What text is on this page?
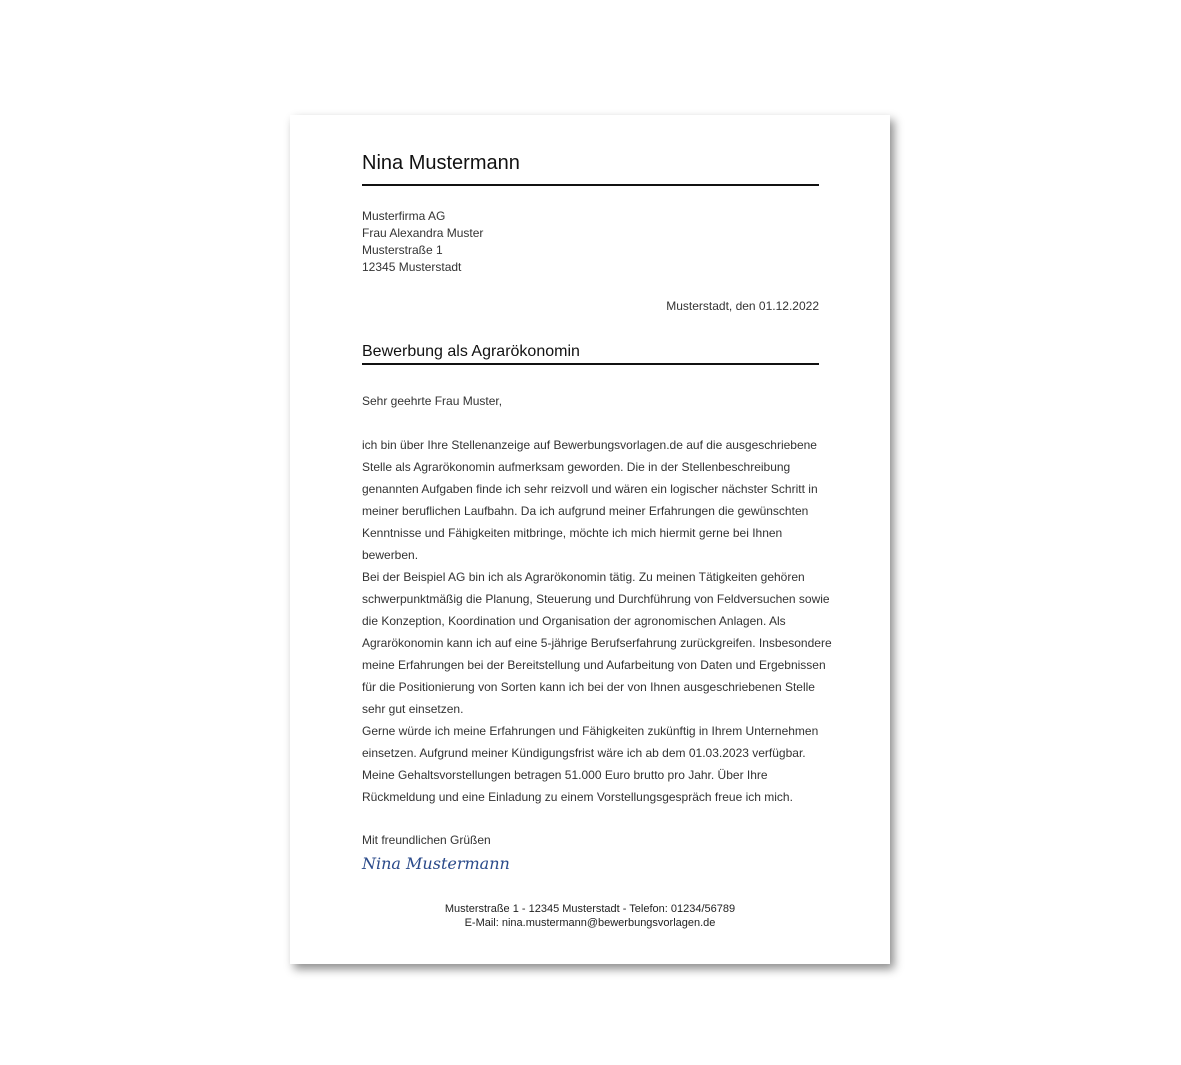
Nina Mustermann
Musterfirma AG
Frau Alexandra Muster
Musterstraße 1
12345 Musterstadt
Musterstadt, den 01.12.2022
Bewerbung als Agrarökonomin
Sehr geehrte Frau Muster,
ich bin über Ihre Stellenanzeige auf Bewerbungsvorlagen.de auf die ausgeschriebene
Stelle als Agrarökonomin aufmerksam geworden. Die in der Stellenbeschreibung
genannten Aufgaben finde ich sehr reizvoll und wären ein logischer nächster Schritt in
meiner beruflichen Laufbahn. Da ich aufgrund meiner Erfahrungen die gewünschten
Kenntnisse und Fähigkeiten mitbringe, möchte ich mich hiermit gerne bei Ihnen
bewerben.
Bei der Beispiel AG bin ich als Agrarökonomin tätig. Zu meinen Tätigkeiten gehören
schwerpunktmäßig die Planung, Steuerung und Durchführung von Feldversuchen sowie
die Konzeption, Koordination und Organisation der agronomischen Anlagen. Als
Agrarökonomin kann ich auf eine 5-jährige Berufserfahrung zurückgreifen. Insbesondere
meine Erfahrungen bei der Bereitstellung und Aufarbeitung von Daten und Ergebnissen
für die Positionierung von Sorten kann ich bei der von Ihnen ausgeschriebenen Stelle
sehr gut einsetzen.
Gerne würde ich meine Erfahrungen und Fähigkeiten zukünftig in Ihrem Unternehmen
einsetzen. Aufgrund meiner Kündigungsfrist wäre ich ab dem 01.03.2023 verfügbar.
Meine Gehaltsvorstellungen betragen 51.000 Euro brutto pro Jahr. Über Ihre
Rückmeldung und eine Einladung zu einem Vorstellungsgespräch freue ich mich.
Mit freundlichen Grüßen
Nina Mustermann
Musterstraße 1 - 12345 Musterstadt - Telefon: 01234/56789
E-Mail: nina.mustermann@bewerbungsvorlagen.de
